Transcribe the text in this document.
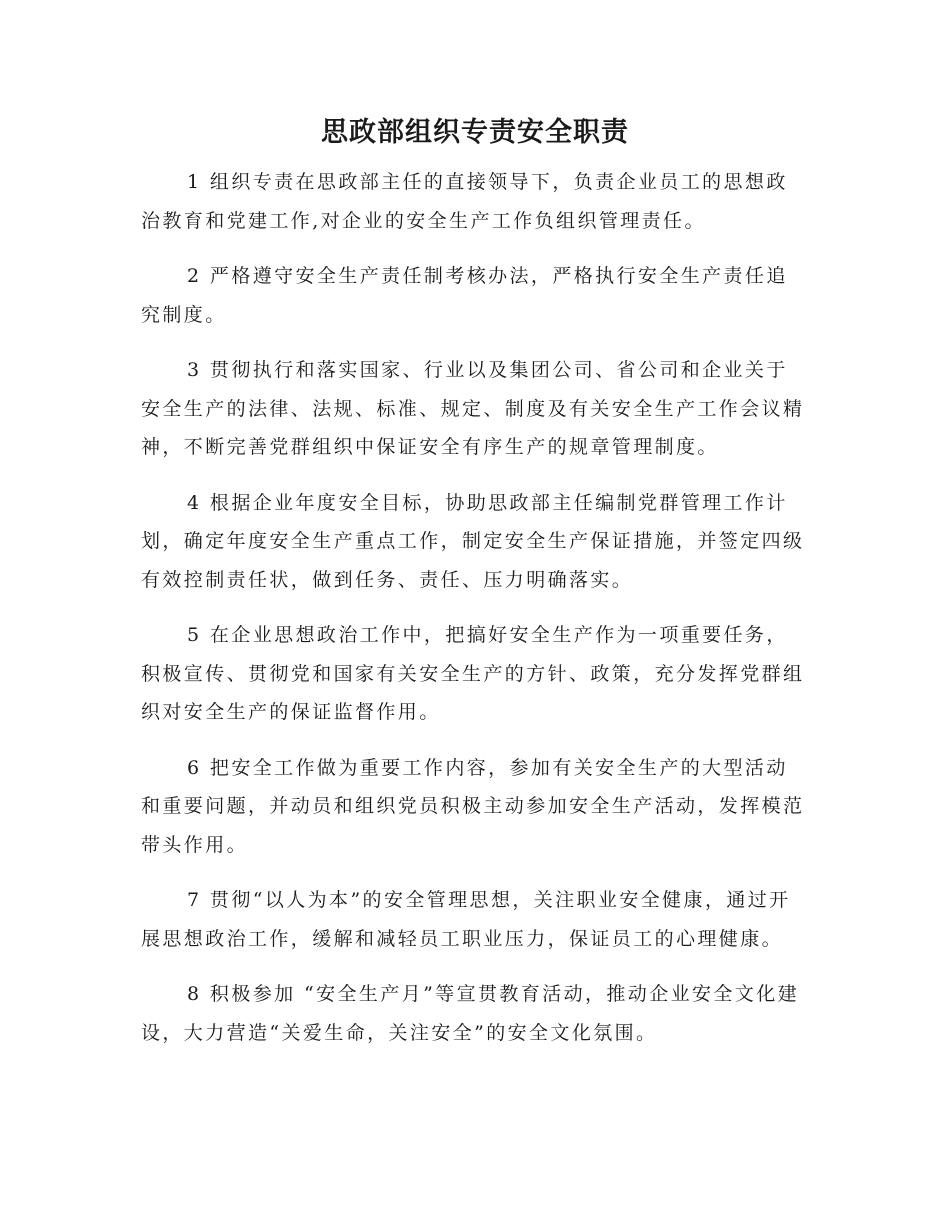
思政部组织专责安全职责

1 组织专责在思政部主任的直接领导下，负责企业员工的思想政治教育和党建工作,对企业的安全生产工作负组织管理责任。

2 严格遵守安全生产责任制考核办法，严格执行安全生产责任追究制度。

3 贯彻执行和落实国家、行业以及集团公司、省公司和企业关于安全生产的法律、法规、标准、规定、制度及有关安全生产工作会议精神，不断完善党群组织中保证安全有序生产的规章管理制度。

4 根据企业年度安全目标，协助思政部主任编制党群管理工作计划，确定年度安全生产重点工作，制定安全生产保证措施，并签定四级有效控制责任状，做到任务、责任、压力明确落实。

5 在企业思想政治工作中，把搞好安全生产作为一项重要任务，积极宣传、贯彻党和国家有关安全生产的方针、政策，充分发挥党群组织对安全生产的保证监督作用。

6 把安全工作做为重要工作内容，参加有关安全生产的大型活动和重要问题，并动员和组织党员积极主动参加安全生产活动，发挥模范带头作用。

7 贯彻“以人为本”的安全管理思想，关注职业安全健康，通过开展思想政治工作，缓解和减轻员工职业压力，保证员工的心理健康。

8 积极参加 “安全生产月”等宣贯教育活动，推动企业安全文化建设，大力营造“关爱生命，关注安全”的安全文化氛围。
